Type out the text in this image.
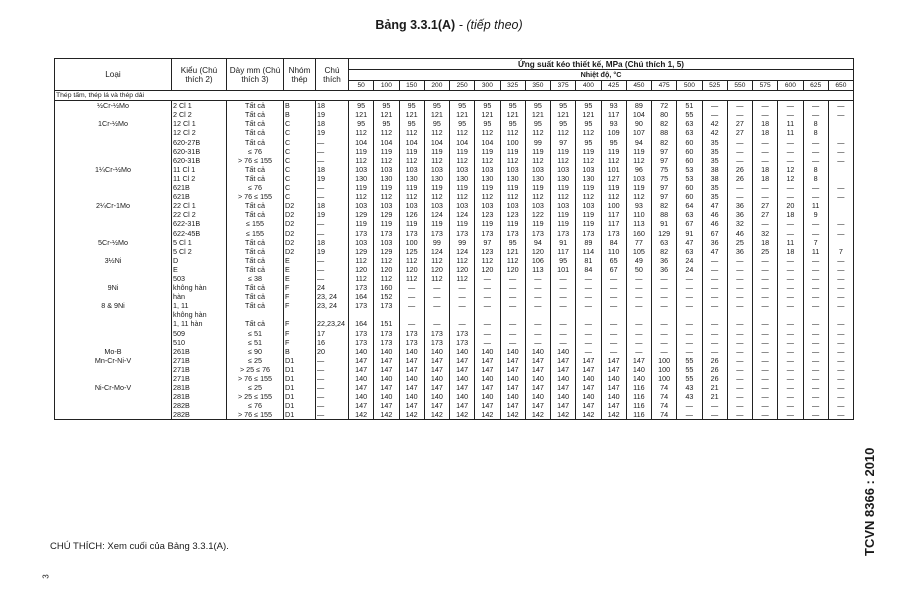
Bảng 3.3.1(A) - (tiếp theo)
Loại	Kiểu (Chú thích 2)	Dày mm (Chú thích 3)	Nhóm thép	Chú thích	Ứng suất kéo thiết kế, MPa (Chú thích 1, 5)																			
					Nhiệt độ, °C																			
					50	100	150	200	250	300	325	350	375	400	425	450	475	500	525	550	575	600	625	650
Thép tấm, thép lá và thép dải																								
½Cr-½Mo	2 Cl 1	Tất cả	B	18	95	95	95	95	95	95	95	95	95	95	93	89	72	51	—	—	—	—	—	—
	2 Cl 2	Tất cả	B	19	121	121	121	121	121	121	121	121	121	121	117	104	80	55	—	—	—	—	—	—
1Cr-½Mo	12 Cl 1	Tất cả	C	18	95	95	95	95	95	95	95	95	95	95	93	90	82	63	42	27	18	11	8	
	12 Cl 2	Tất cả	C	19	112	112	112	112	112	112	112	112	112	112	109	107	88	63	42	27	18	11	8	
	620-27B	Tất cả	C	—	104	104	104	104	104	104	100	99	97	95	95	94	82	60	35	—	—	—	—	—
	620-31B	≤ 76	C	—	119	119	119	119	119	119	119	119	119	119	119	119	97	60	35	—	—	—	—	—
	620-31B	> 76 ≤ 155	C	—	112	112	112	112	112	112	112	112	112	112	112	112	97	60	35	—	—	—	—	—
1¼Cr-½Mo	11 Cl 1	Tất cả	C	18	103	103	103	103	103	103	103	103	103	103	101	96	75	53	38	26	18	12	8	
	11 Cl 2	Tất cả	C	19	130	130	130	130	130	130	130	130	130	130	127	103	75	53	38	26	18	12	8	
	621B	≤ 76	C	—	119	119	119	119	119	119	119	119	119	119	119	119	97	60	35	—	—	—	—	—
	621B	> 76 ≤ 155	C	—	112	112	112	112	112	112	112	112	112	112	112	112	97	60	35	—	—	—	—	—
2¼Cr-1Mo	22 Cl 1	Tất cả	D2	18	103	103	103	103	103	103	103	103	103	103	100	93	82	64	47	36	27	20	11	
	22 Cl 2	Tất cả	D2	19	129	129	126	124	124	123	123	122	119	119	117	110	88	63	46	36	27	18	9	
	622-31B	≤ 155	D2	—	119	119	119	119	119	119	119	119	119	119	117	113	91	67	46	32	—	—	—	—
	622-45B	≤ 155	D2	—	173	173	173	173	173	173	173	173	173	173	173	160	129	91	67	46	32	—	—	—
5Cr-½Mo	5 Cl 1	Tất cả	D2	18	103	103	100	99	99	97	95	94	91	89	84	77	63	47	36	25	18	11	7	
	5 Cl 2	Tất cả	D2	19	129	129	125	124	124	123	121	120	117	114	110	105	82	63	47	36	25	18	11	7
3½Ni	D	Tất cả	E	—	112	112	112	112	112	112	112	106	95	81	65	49	36	24	—	—	—	—	—	—
	E	Tất cả	E	—	120	120	120	120	120	120	120	113	101	84	67	50	36	24	—	—	—	—	—	—
	503	≤ 38	E	—	112	112	112	112	112	—	—	—	—	—	—	—	—	—	—	—	—	—	—	—
9Ni	không hàn	Tất cả	F	24	173	160	—	—	—	—	—	—	—	—	—	—	—	—	—	—	—	—	—	—
	hàn	Tất cả	F	23, 24	164	152	—	—	—	—	—	—	—	—	—	—	—	—	—	—	—	—	—	—
8 & 9Ni	1, 11	Tất cả	F	23, 24	173	173	—	—	—	—	—	—	—	—	—	—	—	—	—	—	—	—	—	—
	không hàn																							
	1, 11 hàn	Tất cả	F	22,23,24	164	151	—	—	—	—	—	—	—	—	—	—	—	—	—	—	—	—	—	—
	509	≤ 51	F	17	173	173	173	173	173	—	—	—	—	—	—	—	—	—	—	—	—	—	—	—
	510	≤ 51	F	16	173	173	173	173	173	—	—	—	—	—	—	—	—	—	—	—	—	—	—	—
Mo-B	261B	≤ 90	B	20	140	140	140	140	140	140	140	140	140	—	—	—	—	—	—	—	—	—	—	—
Mn-Cr-Ni-V	271B	≤ 25	D1	—	147	147	147	147	147	147	147	147	147	147	147	147	100	55	26	—	—	—	—	—
	271B	> 25 ≤ 76	D1	—	147	147	147	147	147	147	147	147	147	147	147	140	100	55	26	—	—	—	—	—
	271B	> 76 ≤ 155	D1	—	140	140	140	140	140	140	140	140	140	140	140	140	100	55	26	—	—	—	—	—
Ni-Cr-Mo-V	281B	≤ 25	D1	—	147	147	147	147	147	147	147	147	147	147	147	116	74	43	21	—	—	—	—	—
	281B	> 25 ≤ 155	D1	—	140	140	140	140	140	140	140	140	140	140	140	116	74	43	21	—	—	—	—	—
	282B	≤ 76	D1	—	147	147	147	147	147	147	147	147	147	147	147	116	74	—	—	—	—	—	—	—
	282B	> 76 ≤ 155	D1	—	142	142	142	142	142	142	142	142	142	142	142	116	74	—	—	—	—	—	—	—
CHÚ THÍCH: Xem cuối của Bảng 3.3.1(A).	TCVN 8366 : 2010
3
